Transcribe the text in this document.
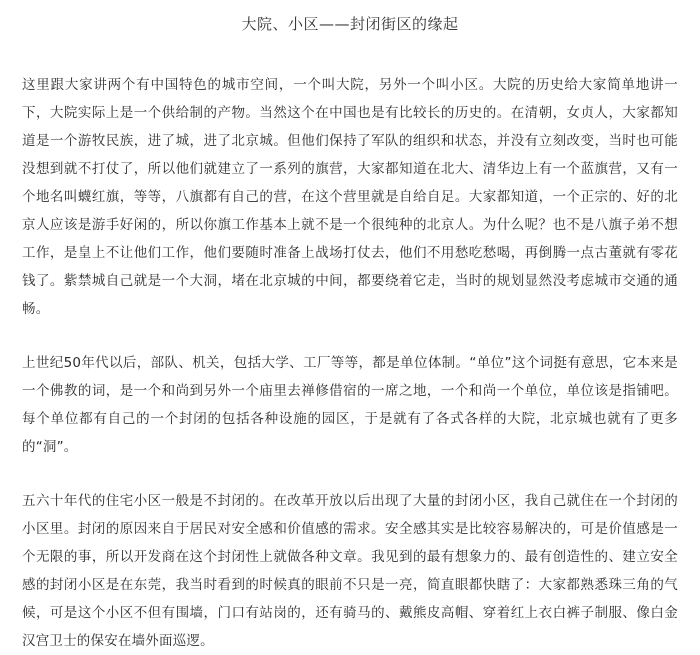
大院、小区——封闭街区的缘起

这里跟大家讲两个有中国特色的城市空间，一个叫大院，另外一个叫小区。大院的历史给大家简单地讲一下，大院实际上是一个供给制的产物。当然这个在中国也是有比较长的历史的。在清朝，女贞人，大家都知道是一个游牧民族，进了城，进了北京城。但他们保持了军队的组织和状态，并没有立刻改变，当时也可能没想到就不打仗了，所以他们就建立了一系列的旗营，大家都知道在北大、清华边上有一个蓝旗营，又有一个地名叫蠛红旗，等等，八旗都有自己的营，在这个营里就是自给自足。大家都知道，一个正宗的、好的北京人应该是游手好闲的，所以你旗工作基本上就不是一个很纯种的北京人。为什么呢？也不是八旗子弟不想工作，是皇上不让他们工作，他们要随时准备上战场打仗去，他们不用愁吃愁喝，再倒腾一点古董就有零花钱了。紫禁城自己就是一个大洞，堵在北京城的中间，都要绕着它走，当时的规划显然没考虑城市交通的通畅。

上世纪50年代以后，部队、机关，包括大学、工厂等等，都是单位体制。“单位”这个词挺有意思，它本来是一个佛教的词，是一个和尚到另外一个庙里去禅修借宿的一席之地，一个和尚一个单位，单位该是指铺吧。每个单位都有自己的一个封闭的包括各种设施的园区，于是就有了各式各样的大院，北京城也就有了更多的“洞”。

五六十年代的住宅小区一般是不封闭的。在改革开放以后出现了大量的封闭小区，我自己就住在一个封闭的小区里。封闭的原因来自于居民对安全感和价值感的需求。安全感其实是比较容易解决的，可是价值感是一个无限的事，所以开发商在这个封闭性上就做各种文章。我见到的最有想象力的、最有创造性的、建立安全感的封闭小区是在东莞，我当时看到的时候真的眼前不只是一亮，简直眼都快瞎了：大家都熟悉珠三角的气候，可是这个小区不但有围墙，门口有站岗的，还有骑马的、戴熊皮高帽、穿着红上衣白裤子制服、像白金汉宫卫士的保安在墙外面巡逻。
